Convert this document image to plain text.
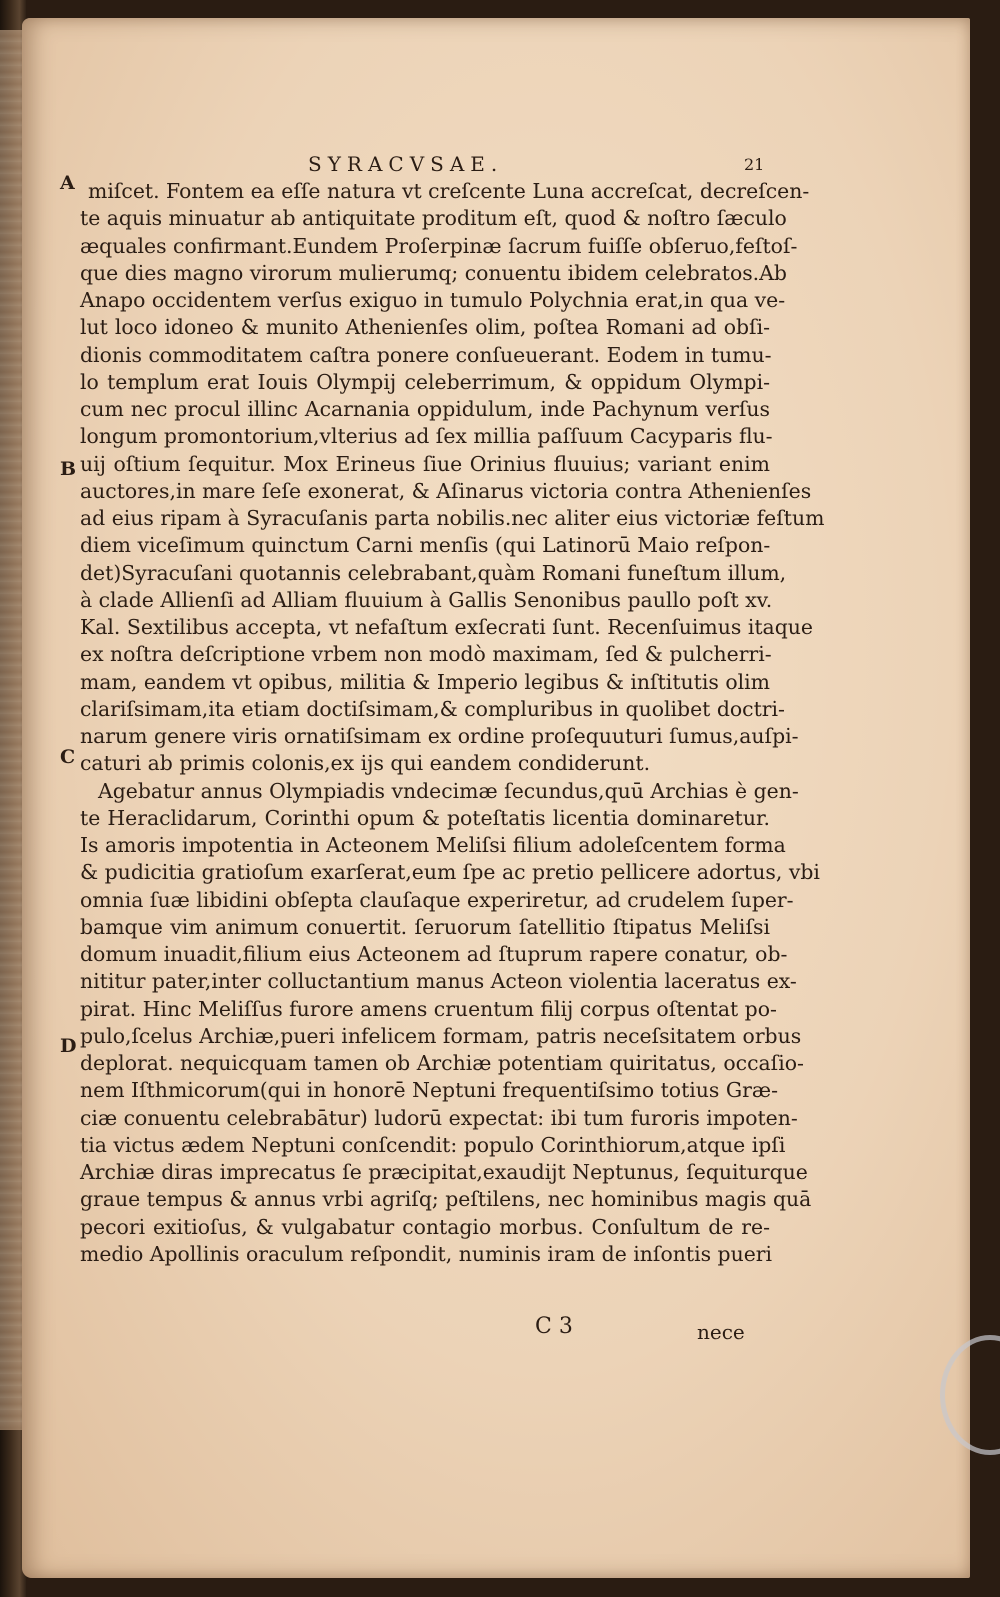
SYRACVSAE.	21
A
B
C
D
miſcet. Fontem ea eſſe natura vt creſcente Luna accreſcat, decreſcen-
te aquis minuatur ab antiquitate proditum eſt, quod & noſtro ſæculo
æquales confirmant.Eundem Proſerpinæ ſacrum fuiſſe obſeruo,feſtoſ-
que dies magno virorum mulierumq; conuentu ibidem celebratos.Ab
Anapo occidentem verſus exiguo in tumulo Polychnia erat,in qua ve-
lut loco idoneo & munito Athenienſes olim, poſtea Romani ad obſi-
dionis commoditatem caſtra ponere conſueuerant. Eodem in tumu-
lo templum erat Iouis Olympij celeberrimum, & oppidum Olympi-
cum nec procul illinc Acarnania oppidulum, inde Pachynum verſus
longum promontorium,vlterius ad ſex millia paſſuum Cacyparis flu-
uij oſtium ſequitur. Mox Erineus ſiue Orinius fluuius; variant enim
auctores,in mare ſeſe exonerat, & Aſinarus victoria contra Athenienſes
ad eius ripam à Syracuſanis parta nobilis.nec aliter eius victoriæ feſtum
diem viceſimum quinctum Carni menſis (qui Latinorū Maio reſpon-
det)Syracuſani quotannis celebrabant,quàm Romani funeſtum illum,
à clade Allienſi ad Alliam fluuium à Gallis Senonibus paullo poſt xv.
Kal. Sextilibus accepta, vt nefaſtum exſecrati ſunt. Recenſuimus itaque
ex noſtra deſcriptione vrbem non modò maximam, ſed & pulcherri-
mam, eandem vt opibus, militia & Imperio legibus & inſtitutis olim
clariſsimam,ita etiam doctiſsimam,& compluribus in quolibet doctri-
narum genere viris ornatiſsimam ex ordine proſequuturi ſumus,auſpi-
caturi ab primis colonis,ex ijs qui eandem condiderunt.
Agebatur annus Olympiadis vndecimæ ſecundus,quū Archias è gen-
te Heraclidarum, Corinthi opum & poteſtatis licentia dominaretur.
Is amoris impotentia in Acteonem Meliſsi filium adoleſcentem forma
& pudicitia gratioſum exarſerat,eum ſpe ac pretio pellicere adortus, vbi
omnia ſuæ libidini obſepta clauſaque experiretur, ad crudelem ſuper-
bamque vim animum conuertit. ſeruorum ſatellitio ſtipatus Meliſsi
domum inuadit,filium eius Acteonem ad ſtuprum rapere conatur, ob-
nititur pater,inter colluctantium manus Acteon violentia laceratus ex-
pirat. Hinc Meliſſus furore amens cruentum filij corpus oſtentat po-
pulo,ſcelus Archiæ,pueri infelicem formam, patris neceſsitatem orbus
deplorat. nequicquam tamen ob Archiæ potentiam quiritatus, occaſio-
nem Iſthmicorum(qui in honorē Neptuni frequentiſsimo totius Græ-
ciæ conuentu celebrabātur) ludorū expectat: ibi tum furoris impoten-
tia victus ædem Neptuni conſcendit: populo Corinthiorum,atque ipſi
Archiæ diras imprecatus ſe præcipitat,exaudijt Neptunus, ſequiturque
graue tempus & annus vrbi agriſq; peſtilens, nec hominibus magis quā
pecori exitioſus, & vulgabatur contagio morbus. Conſultum de re-
medio Apollinis oraculum reſpondit, numinis iram de inſontis pueri
C 3	nece
